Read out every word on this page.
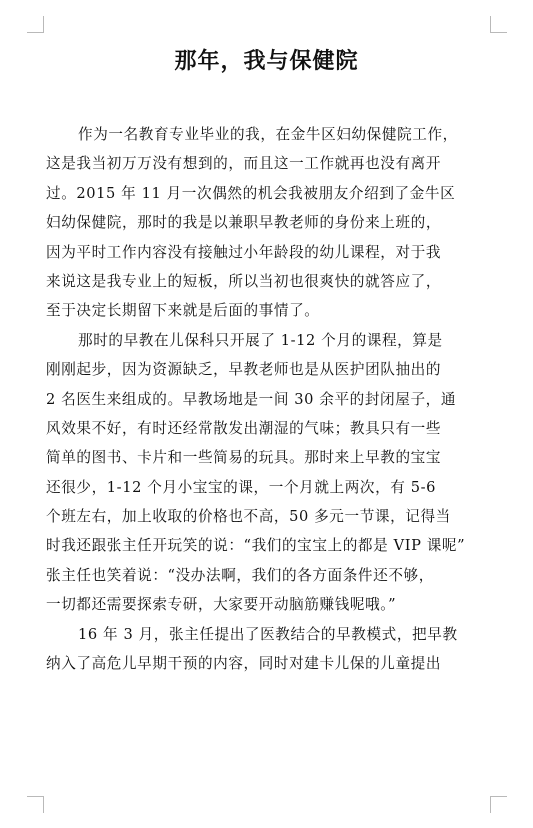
那年，我与保健院
作为一名教育专业毕业的我，在金牛区妇幼保健院工作，
这是我当初万万没有想到的，而且这一工作就再也没有离开
过。2015 年 11 月一次偶然的机会我被朋友介绍到了金牛区
妇幼保健院，那时的我是以兼职早教老师的身份来上班的，
因为平时工作内容没有接触过小年龄段的幼儿课程，对于我
来说这是我专业上的短板，所以当初也很爽快的就答应了，
至于决定长期留下来就是后面的事情了。
那时的早教在儿保科只开展了 1-12 个月的课程，算是
刚刚起步，因为资源缺乏，早教老师也是从医护团队抽出的
2 名医生来组成的。早教场地是一间 30 余平的封闭屋子，通
风效果不好，有时还经常散发出潮湿的气味；教具只有一些
简单的图书、卡片和一些简易的玩具。那时来上早教的宝宝
还很少，1-12 个月小宝宝的课，一个月就上两次，有 5-6
个班左右，加上收取的价格也不高，50 多元一节课，记得当
时我还跟张主任开玩笑的说：“我们的宝宝上的都是 VIP 课呢”
张主任也笑着说：“没办法啊，我们的各方面条件还不够，
一切都还需要探索专研，大家要开动脑筋赚钱呢哦。”
16 年 3 月，张主任提出了医教结合的早教模式，把早教
纳入了高危儿早期干预的内容，同时对建卡儿保的儿童提出
